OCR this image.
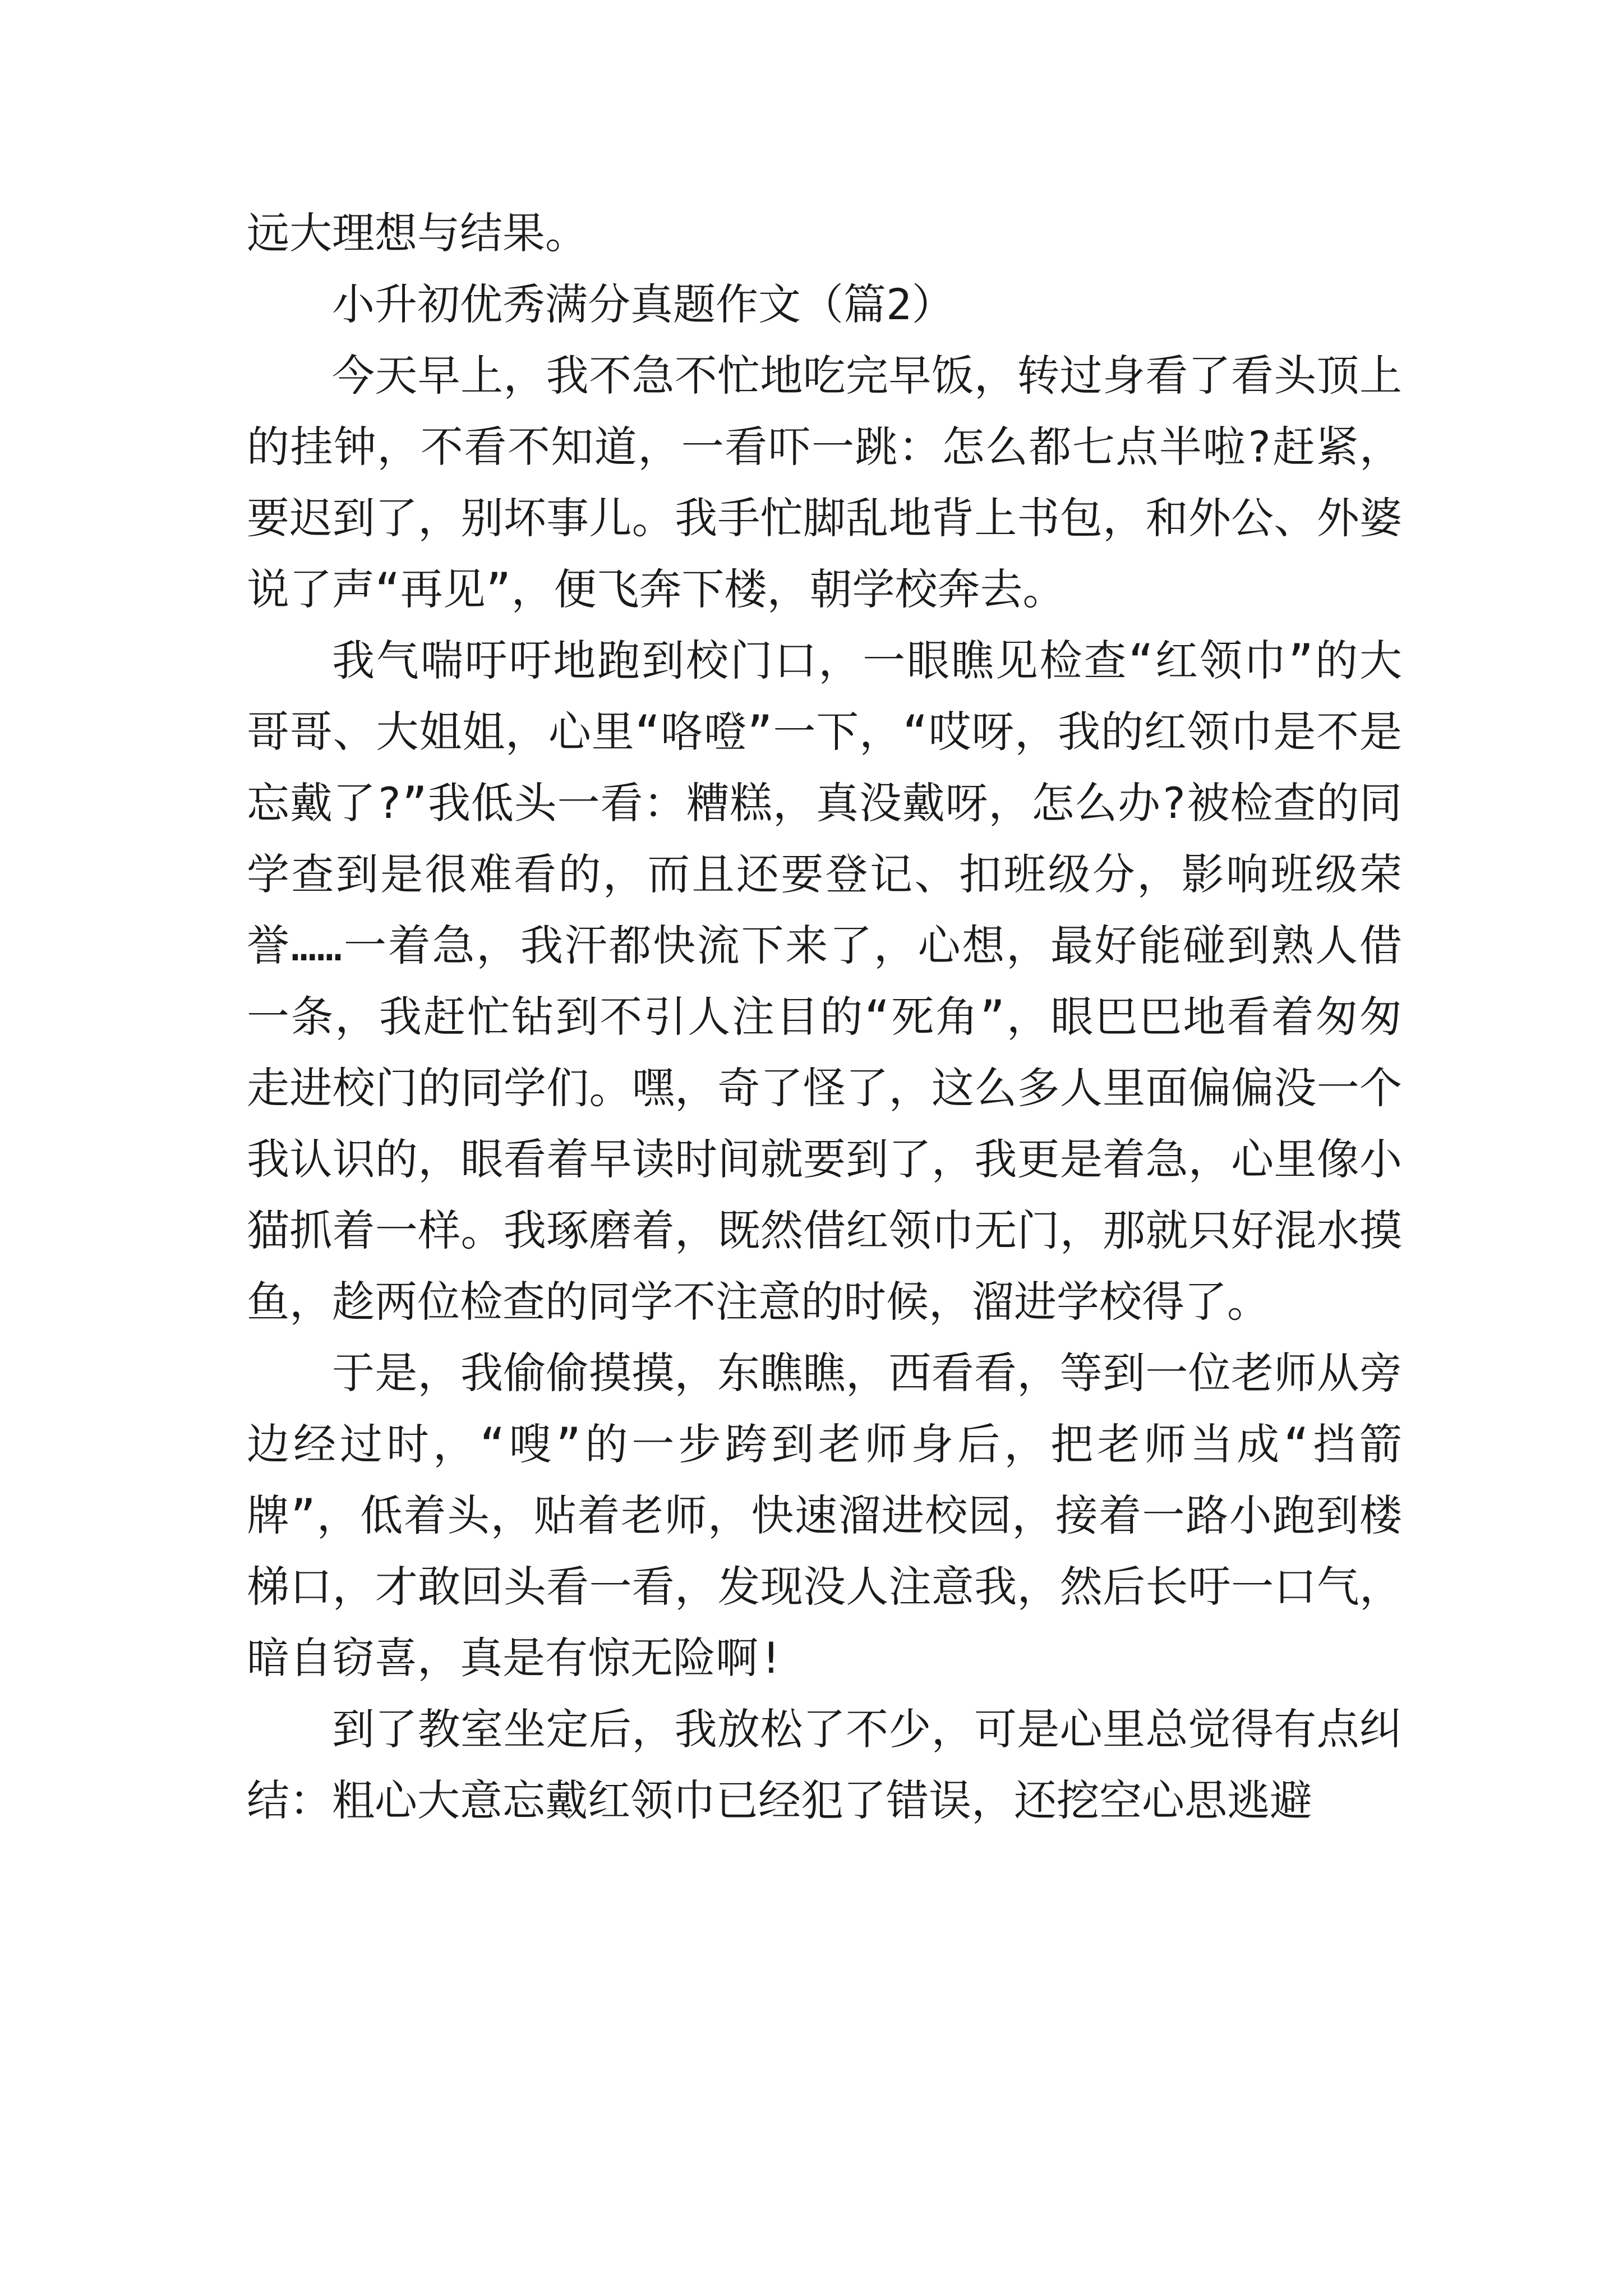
远大理想与结果。

小升初优秀满分真题作文（篇2）

今天早上，我不急不忙地吃完早饭，转过身看了看头顶上的挂钟，不看不知道，一看吓一跳：怎么都七点半啦?赶紧，要迟到了，别坏事儿。我手忙脚乱地背上书包，和外公、外婆说了声“再见”，便飞奔下楼，朝学校奔去。

我气喘吁吁地跑到校门口，一眼瞧见检查“红领巾”的大哥哥、大姐姐，心里“咯噔”一下，“哎呀，我的红领巾是不是忘戴了?”我低头一看：糟糕，真没戴呀，怎么办?被检查的同学查到是很难看的，而且还要登记、扣班级分，影响班级荣誉……一着急，我汗都快流下来了，心想，最好能碰到熟人借一条，我赶忙钻到不引人注目的“死角”，眼巴巴地看着匆匆走进校门的同学们。嘿，奇了怪了，这么多人里面偏偏没一个我认识的，眼看着早读时间就要到了，我更是着急，心里像小猫抓着一样。我琢磨着，既然借红领巾无门，那就只好混水摸鱼，趁两位检查的同学不注意的时候，溜进学校得了。

于是，我偷偷摸摸，东瞧瞧，西看看，等到一位老师从旁边经过时，“嗖”的一步跨到老师身后，把老师当成“挡箭牌”，低着头，贴着老师，快速溜进校园，接着一路小跑到楼梯口，才敢回头看一看，发现没人注意我，然后长吁一口气，暗自窃喜，真是有惊无险啊!

到了教室坐定后，我放松了不少，可是心里总觉得有点纠结：粗心大意忘戴红领巾已经犯了错误，还挖空心思逃避
